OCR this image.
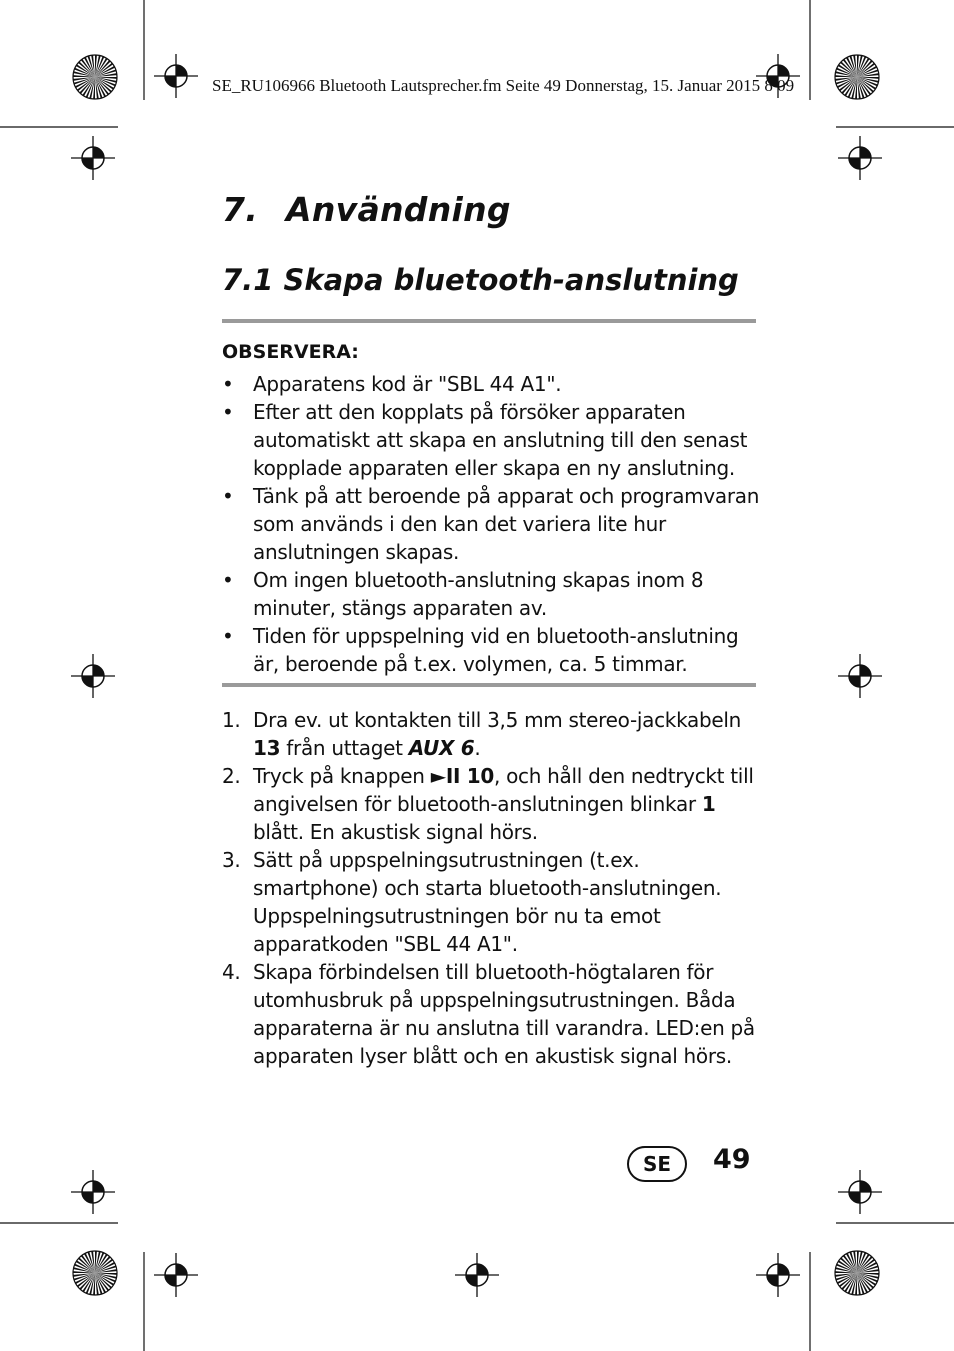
SE_RU106966 Bluetooth Lautsprecher.fm Seite 49 Donnerstag, 15. Januar 2015 8 09
7. Användning
7.1 Skapa bluetooth-anslutning
OBSERVERA:
• Apparatens kod är "SBL 44 A1".
• Efter att den kopplats på försöker apparaten automatiskt att skapa en anslutning till den senast kopplade apparaten eller skapa en ny anslutning.
• Tänk på att beroende på apparat och programvaran som används i den kan det variera lite hur anslutningen skapas.
• Om ingen bluetooth-anslutning skapas inom 8 minuter, stängs apparaten av.
• Tiden för uppspelning vid en bluetooth-anslutning är, beroende på t.ex. volymen, ca. 5 timmar.
1. Dra ev. ut kontakten till 3,5 mm stereo-jackkabeln 13 från uttaget AUX 6.
2. Tryck på knappen ►II 10, och håll den nedtryckt till angivelsen för bluetooth-anslutningen blinkar 1 blått. En akustisk signal hörs.
3. Sätt på uppspelningsutrustningen (t.ex. smartphone) och starta bluetooth-anslutningen. Uppspelningsutrustningen bör nu ta emot apparatkoden "SBL 44 A1".
4. Skapa förbindelsen till bluetooth-högtalaren för utomhusbruk på uppspelningsutrustningen. Båda apparaterna är nu anslutna till varandra. LED:en på apparaten lyser blått och en akustisk signal hörs.
SE 49
